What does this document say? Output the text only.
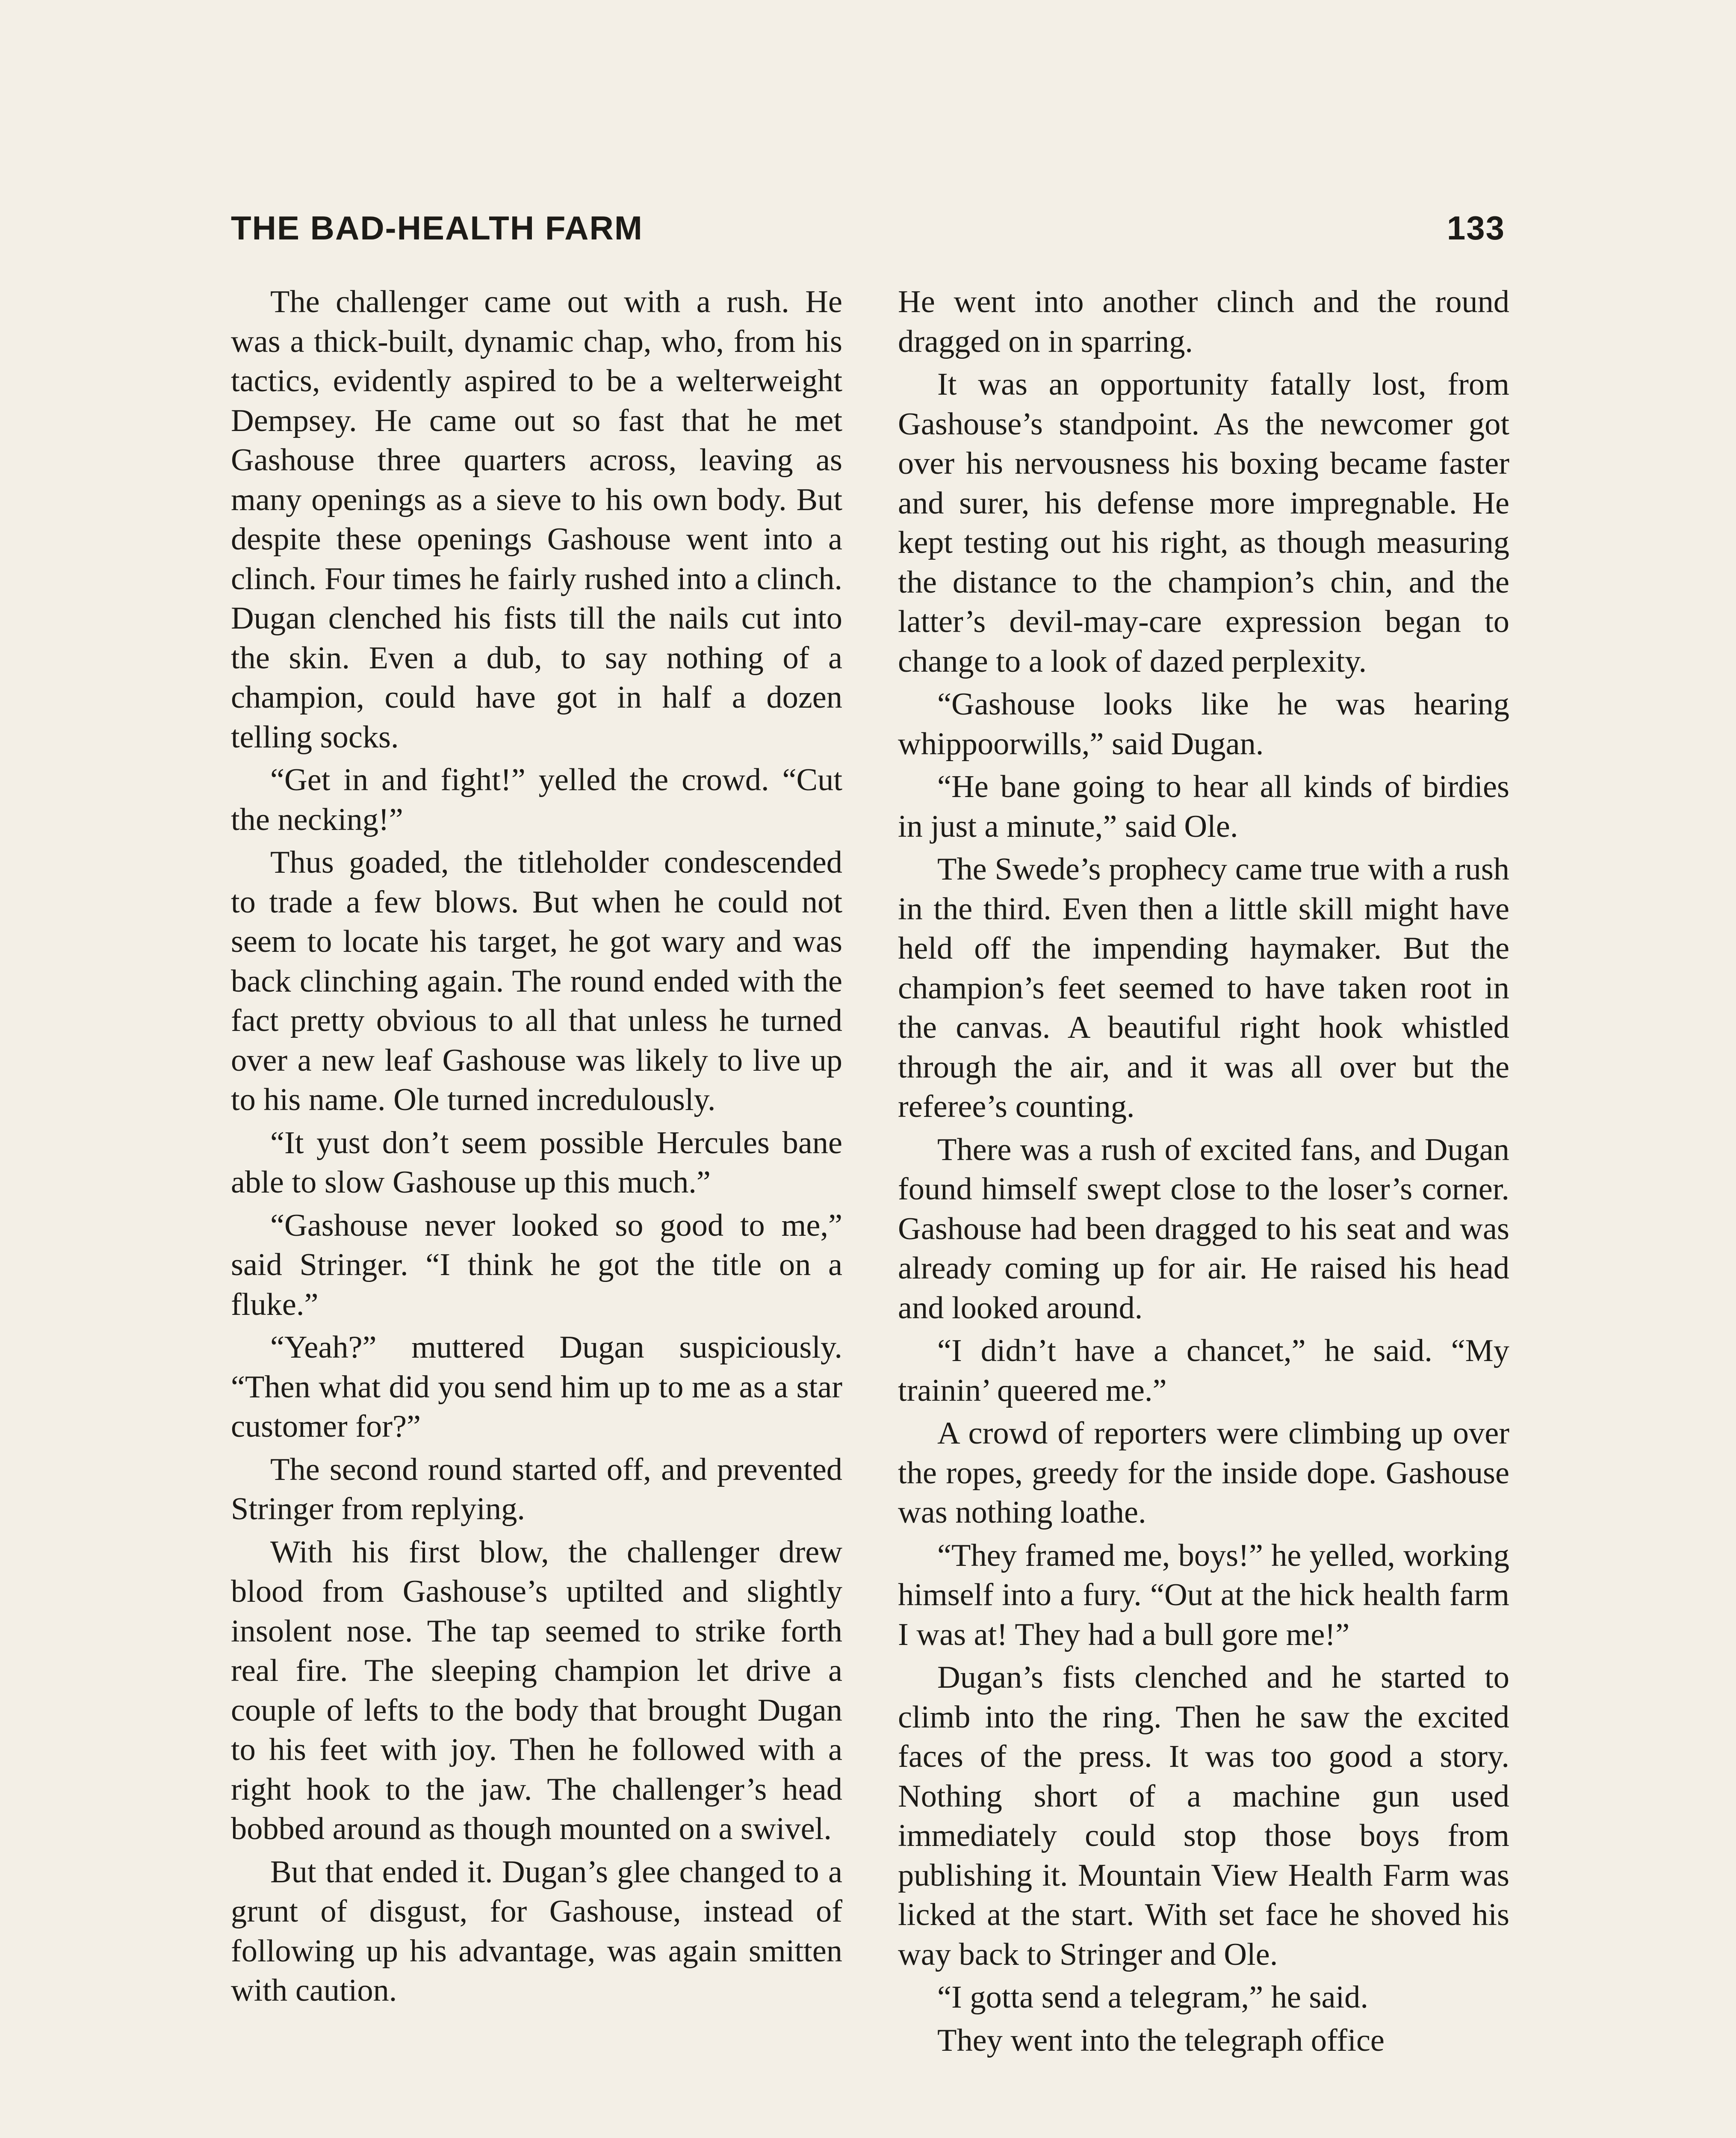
THE BAD-HEALTH FARM	133

The challenger came out with a rush. He was a thick-built, dynamic chap, who, from his tactics, evidently aspired to be a welterweight Dempsey. He came out so fast that he met Gashouse three quarters across, leaving as many openings as a sieve to his own body. But despite these openings Gashouse went into a clinch. Four times he fairly rushed into a clinch. Dugan clenched his fists till the nails cut into the skin. Even a dub, to say nothing of a champion, could have got in half a dozen telling socks.

“Get in and fight!” yelled the crowd. “Cut the necking!”

Thus goaded, the titleholder condescended to trade a few blows. But when he could not seem to locate his target, he got wary and was back clinching again. The round ended with the fact pretty obvious to all that unless he turned over a new leaf Gashouse was likely to live up to his name. Ole turned incredulously.

“It yust don’t seem possible Hercules bane able to slow Gashouse up this much.”

“Gashouse never looked so good to me,” said Stringer. “I think he got the title on a fluke.”

“Yeah?” muttered Dugan suspiciously. “Then what did you send him up to me as a star customer for?”

The second round started off, and prevented Stringer from replying.

With his first blow, the challenger drew blood from Gashouse’s uptilted and slightly insolent nose. The tap seemed to strike forth real fire. The sleeping champion let drive a couple of lefts to the body that brought Dugan to his feet with joy. Then he followed with a right hook to the jaw. The challenger’s head bobbed around as though mounted on a swivel.

But that ended it. Dugan’s glee changed to a grunt of disgust, for Gashouse, instead of following up his advantage, was again smitten with caution.

He went into another clinch and the round dragged on in sparring.

It was an opportunity fatally lost, from Gashouse’s standpoint. As the newcomer got over his nervousness his boxing became faster and surer, his defense more impregnable. He kept testing out his right, as though measuring the distance to the champion’s chin, and the latter’s devil-may-care expression began to change to a look of dazed perplexity.

“Gashouse looks like he was hearing whippoorwills,” said Dugan.

“He bane going to hear all kinds of birdies in just a minute,” said Ole.

The Swede’s prophecy came true with a rush in the third. Even then a little skill might have held off the impending haymaker. But the champion’s feet seemed to have taken root in the canvas. A beautiful right hook whistled through the air, and it was all over but the referee’s counting.

There was a rush of excited fans, and Dugan found himself swept close to the loser’s corner. Gashouse had been dragged to his seat and was already coming up for air. He raised his head and looked around.

“I didn’t have a chancet,” he said. “My trainin’ queered me.”

A crowd of reporters were climbing up over the ropes, greedy for the inside dope. Gashouse was nothing loathe.

“They framed me, boys!” he yelled, working himself into a fury. “Out at the hick health farm I was at! They had a bull gore me!”

Dugan’s fists clenched and he started to climb into the ring. Then he saw the excited faces of the press. It was too good a story. Nothing short of a machine gun used immediately could stop those boys from publishing it. Mountain View Health Farm was licked at the start. With set face he shoved his way back to Stringer and Ole.

“I gotta send a telegram,” he said.

They went into the telegraph office
